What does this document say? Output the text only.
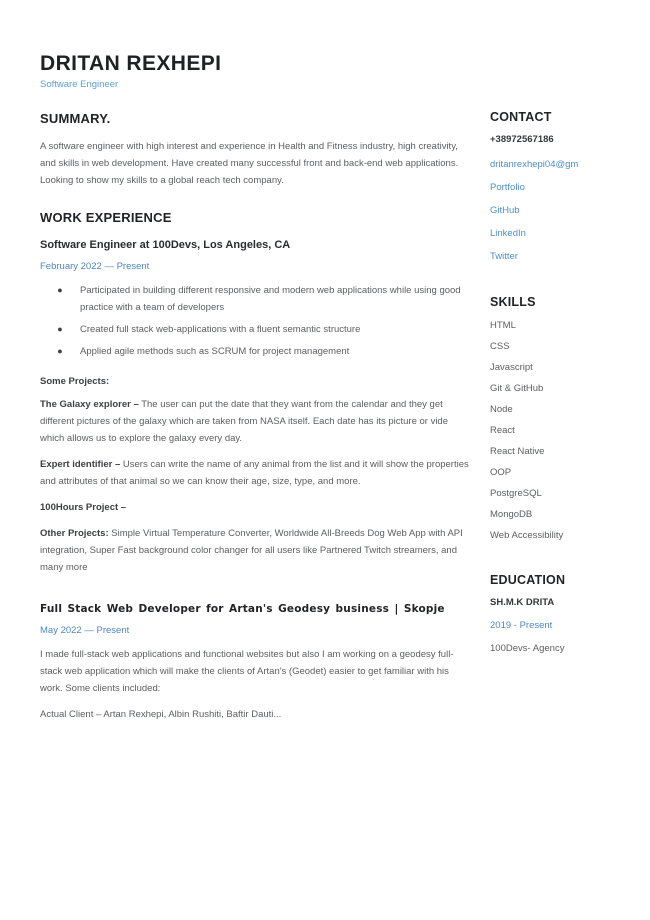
DRITAN REXHEPI
Software Engineer
SUMMARY.
A software engineer with high interest and experience in Health and Fitness industry, high creativity, and skills in web development. Have created many successful front and back-end web applications. Looking to show my skills to a global reach tech company.
WORK EXPERIENCE
Software Engineer at 100Devs, Los Angeles, CA
February 2022 — Present
●	Participated in building different responsive and modern web applications while using good practice with a team of developers
●	Created full stack web-applications with a fluent semantic structure
●	Applied agile methods such as SCRUM for project management
Some Projects:
The Galaxy explorer – The user can put the date that they want from the calendar and they get different pictures of the galaxy which are taken from NASA itself. Each date has its picture or vide which allows us to explore the galaxy every day.
Expert identifier – Users can write the name of any animal from the list and it will show the properties and attributes of that animal so we can know their age, size, type, and more.
100Hours Project –
Other Projects: Simple Virtual Temperature Converter, Worldwide All-Breeds Dog Web App with API integration, Super Fast background color changer for all users like Partnered Twitch streamers, and many more
Full Stack Web Developer for Artan's Geodesy business | Skopje
May 2022 — Present
I made full-stack web applications and functional websites but also I am working on a geodesy full-stack web application which will make the clients of Artan's (Geodet) easier to get familiar with his work. Some clients included:
Actual Client – Artan Rexhepi, Albin Rushiti, Baftir Dauti...
CONTACT
+38972567186
dritanrexhepi04@gm
Portfolio
GitHub
LinkedIn
Twitter
SKILLS
HTML
CSS
Javascript
Git & GitHub
Node
React
React Native
OOP
PostgreSQL
MongoDB
Web Accessibility
EDUCATION
SH.M.K DRITA
2019 - Present
100Devs- Agency
